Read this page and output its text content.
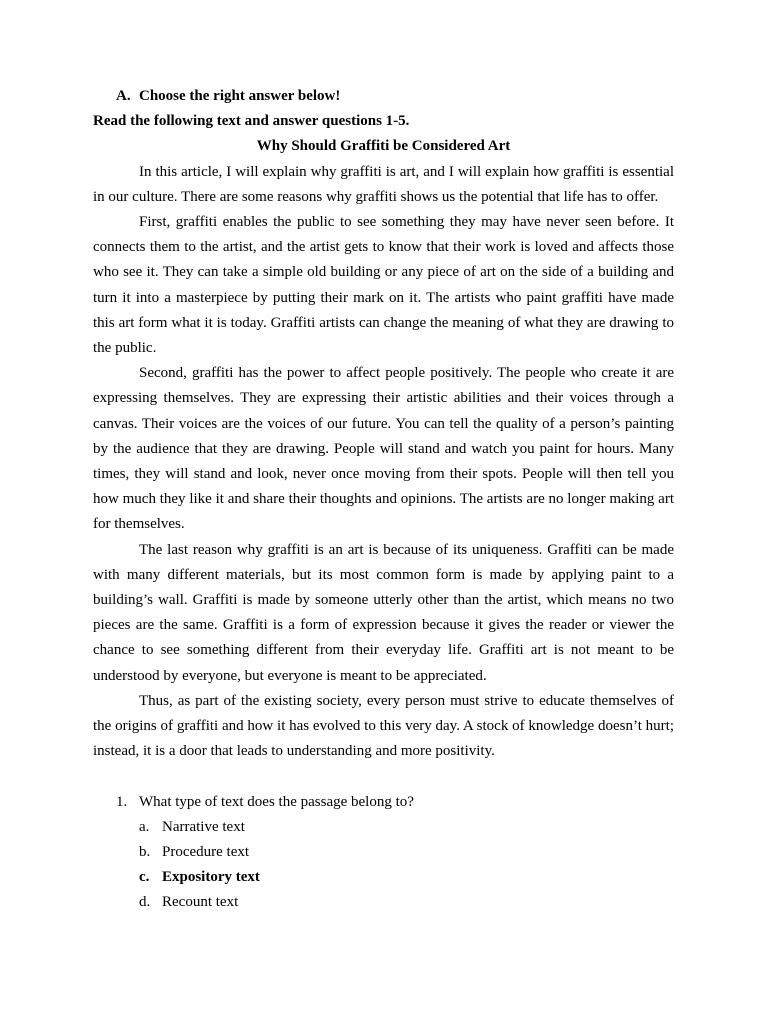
A. Choose the right answer below!

Read the following text and answer questions 1-5.

Why Should Graffiti be Considered Art

In this article, I will explain why graffiti is art, and I will explain how graffiti is essential in our culture. There are some reasons why graffiti shows us the potential that life has to offer.

First, graffiti enables the public to see something they may have never seen before. It connects them to the artist, and the artist gets to know that their work is loved and affects those who see it. They can take a simple old building or any piece of art on the side of a building and turn it into a masterpiece by putting their mark on it. The artists who paint graffiti have made this art form what it is today. Graffiti artists can change the meaning of what they are drawing to the public.

Second, graffiti has the power to affect people positively. The people who create it are expressing themselves. They are expressing their artistic abilities and their voices through a canvas. Their voices are the voices of our future. You can tell the quality of a person’s painting by the audience that they are drawing. People will stand and watch you paint for hours. Many times, they will stand and look, never once moving from their spots. People will then tell you how much they like it and share their thoughts and opinions. The artists are no longer making art for themselves.

The last reason why graffiti is an art is because of its uniqueness. Graffiti can be made with many different materials, but its most common form is made by applying paint to a building’s wall. Graffiti is made by someone utterly other than the artist, which means no two pieces are the same. Graffiti is a form of expression because it gives the reader or viewer the chance to see something different from their everyday life. Graffiti art is not meant to be understood by everyone, but everyone is meant to be appreciated.

Thus, as part of the existing society, every person must strive to educate themselves of the origins of graffiti and how it has evolved to this very day. A stock of knowledge doesn’t hurt; instead, it is a door that leads to understanding and more positivity.

1. What type of text does the passage belong to?
a. Narrative text
b. Procedure text
c. Expository text
d. Recount text
